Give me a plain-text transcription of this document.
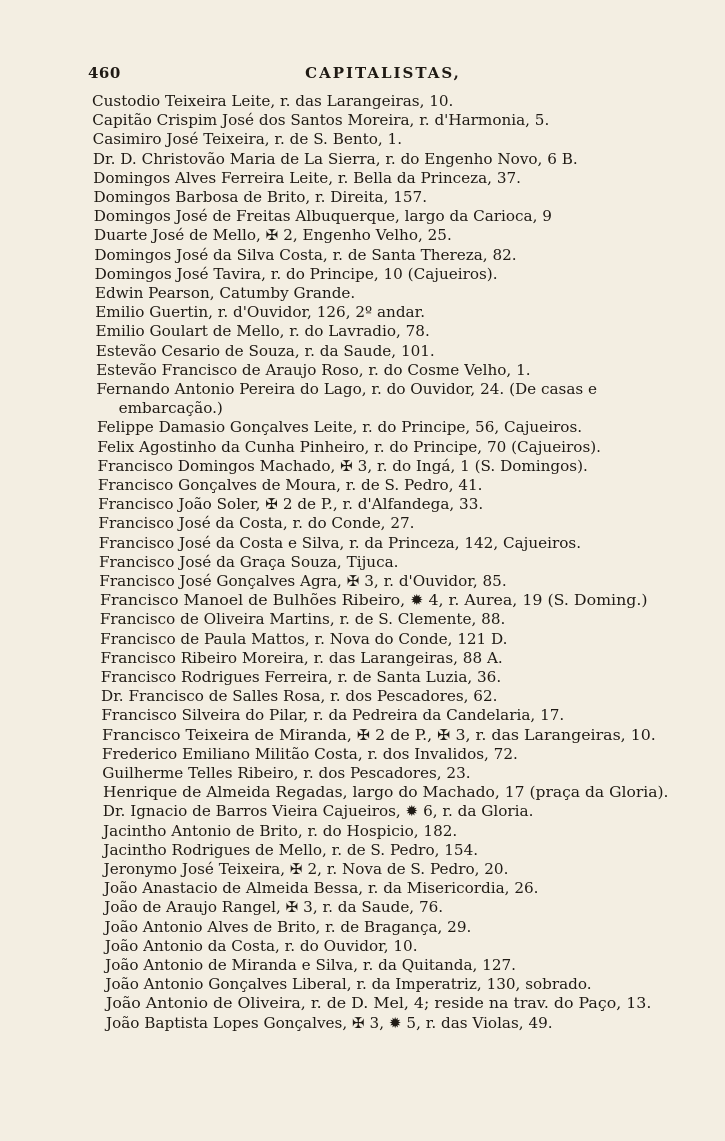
460	CAPITALISTAS,
Custodio Teixeira Leite, r. das Larangeiras, 10.
Capitão Crispim José dos Santos Moreira, r. d'Harmonia, 5.
Casimiro José Teixeira, r. de S. Bento, 1.
Dr. D. Christovão Maria de La Sierra, r. do Engenho Novo, 6 B.
Domingos Alves Ferreira Leite, r. Bella da Princeza, 37.
Domingos Barbosa de Brito, r. Direita, 157.
Domingos José de Freitas Albuquerque, largo da Carioca, 9
Duarte José de Mello, ✠ 2, Engenho Velho, 25.
Domingos José da Silva Costa, r. de Santa Thereza, 82.
Domingos José Tavira, r. do Principe, 10 (Cajueiros).
Edwin Pearson, Catumby Grande.
Emilio Guertin, r. d'Ouvidor, 126, 2º andar.
Emilio Goulart de Mello, r. do Lavradio, 78.
Estevão Cesario de Souza, r. da Saude, 101.
Estevão Francisco de Araujo Roso, r. do Cosme Velho, 1.
Fernando Antonio Pereira do Lago, r. do Ouvidor, 24. (De casas e
embarcação.)
Felippe Damasio Gonçalves Leite, r. do Principe, 56, Cajueiros.
Felix Agostinho da Cunha Pinheiro, r. do Principe, 70 (Cajueiros).
Francisco Domingos Machado, ✠ 3, r. do Ingá, 1 (S. Domingos).
Francisco Gonçalves de Moura, r. de S. Pedro, 41.
Francisco João Soler, ✠ 2 de P., r. d'Alfandega, 33.
Francisco José da Costa, r. do Conde, 27.
Francisco José da Costa e Silva, r. da Princeza, 142, Cajueiros.
Francisco José da Graça Souza, Tijuca.
Francisco José Gonçalves Agra, ✠ 3, r. d'Ouvidor, 85.
Francisco Manoel de Bulhões Ribeiro, ✹ 4, r. Aurea, 19 (S. Doming.)
Francisco de Oliveira Martins, r. de S. Clemente, 88.
Francisco de Paula Mattos, r. Nova do Conde, 121 D.
Francisco Ribeiro Moreira, r. das Larangeiras, 88 A.
Francisco Rodrigues Ferreira, r. de Santa Luzia, 36.
Dr. Francisco de Salles Rosa, r. dos Pescadores, 62.
Francisco Silveira do Pilar, r. da Pedreira da Candelaria, 17.
Francisco Teixeira de Miranda, ✠ 2 de P., ✠ 3, r. das Larangeiras, 10.
Frederico Emiliano Militão Costa, r. dos Invalidos, 72.
Guilherme Telles Ribeiro, r. dos Pescadores, 23.
Henrique de Almeida Regadas, largo do Machado, 17 (praça da Gloria).
Dr. Ignacio de Barros Vieira Cajueiros, ✹ 6, r. da Gloria.
Jacintho Antonio de Brito, r. do Hospicio, 182.
Jacintho Rodrigues de Mello, r. de S. Pedro, 154.
Jeronymo José Teixeira, ✠ 2, r. Nova de S. Pedro, 20.
João Anastacio de Almeida Bessa, r. da Misericordia, 26.
João de Araujo Rangel, ✠ 3, r. da Saude, 76.
João Antonio Alves de Brito, r. de Bragança, 29.
João Antonio da Costa, r. do Ouvidor, 10.
João Antonio de Miranda e Silva, r. da Quitanda, 127.
João Antonio Gonçalves Liberal, r. da Imperatriz, 130, sobrado.
João Antonio de Oliveira, r. de D. Mel, 4; reside na trav. do Paço, 13.
João Baptista Lopes Gonçalves, ✠ 3, ✹ 5, r. das Violas, 49.
